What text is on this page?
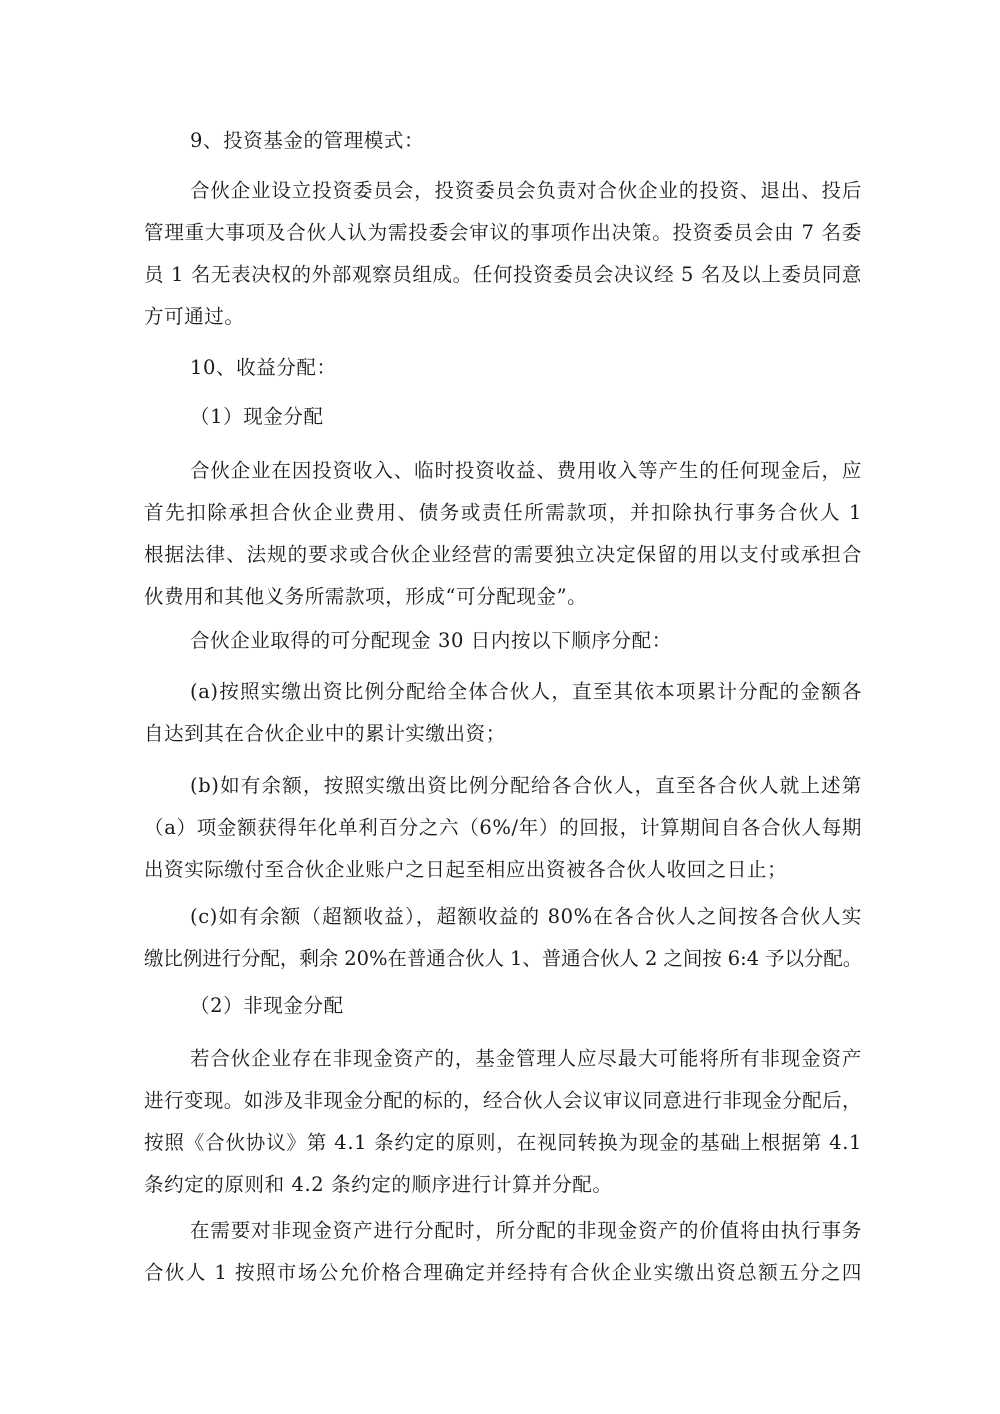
9、投资基金的管理模式：
合伙企业设立投资委员会，投资委员会负责对合伙企业的投资、退出、投后
管理重大事项及合伙人认为需投委会审议的事项作出决策。投资委员会由 7 名委
员 1 名无表决权的外部观察员组成。任何投资委员会决议经 5 名及以上委员同意
方可通过。
10、收益分配：
（1）现金分配
合伙企业在因投资收入、临时投资收益、费用收入等产生的任何现金后，应
首先扣除承担合伙企业费用、债务或责任所需款项，并扣除执行事务合伙人 1
根据法律、法规的要求或合伙企业经营的需要独立决定保留的用以支付或承担合
伙费用和其他义务所需款项，形成“可分配现金”。
合伙企业取得的可分配现金 30 日内按以下顺序分配：
(a)按照实缴出资比例分配给全体合伙人，直至其依本项累计分配的金额各
自达到其在合伙企业中的累计实缴出资；
(b)如有余额，按照实缴出资比例分配给各合伙人，直至各合伙人就上述第
（a）项金额获得年化单利百分之六（6%/年）的回报，计算期间自各合伙人每期
出资实际缴付至合伙企业账户之日起至相应出资被各合伙人收回之日止；
(c)如有余额（超额收益），超额收益的 80%在各合伙人之间按各合伙人实
缴比例进行分配，剩余 20%在普通合伙人 1、普通合伙人 2 之间按 6:4 予以分配。
（2）非现金分配
若合伙企业存在非现金资产的，基金管理人应尽最大可能将所有非现金资产
进行变现。如涉及非现金分配的标的，经合伙人会议审议同意进行非现金分配后，
按照《合伙协议》第 4.1 条约定的原则，在视同转换为现金的基础上根据第 4.1
条约定的原则和 4.2 条约定的顺序进行计算并分配。
在需要对非现金资产进行分配时，所分配的非现金资产的价值将由执行事务
合伙人 1 按照市场公允价格合理确定并经持有合伙企业实缴出资总额五分之四
